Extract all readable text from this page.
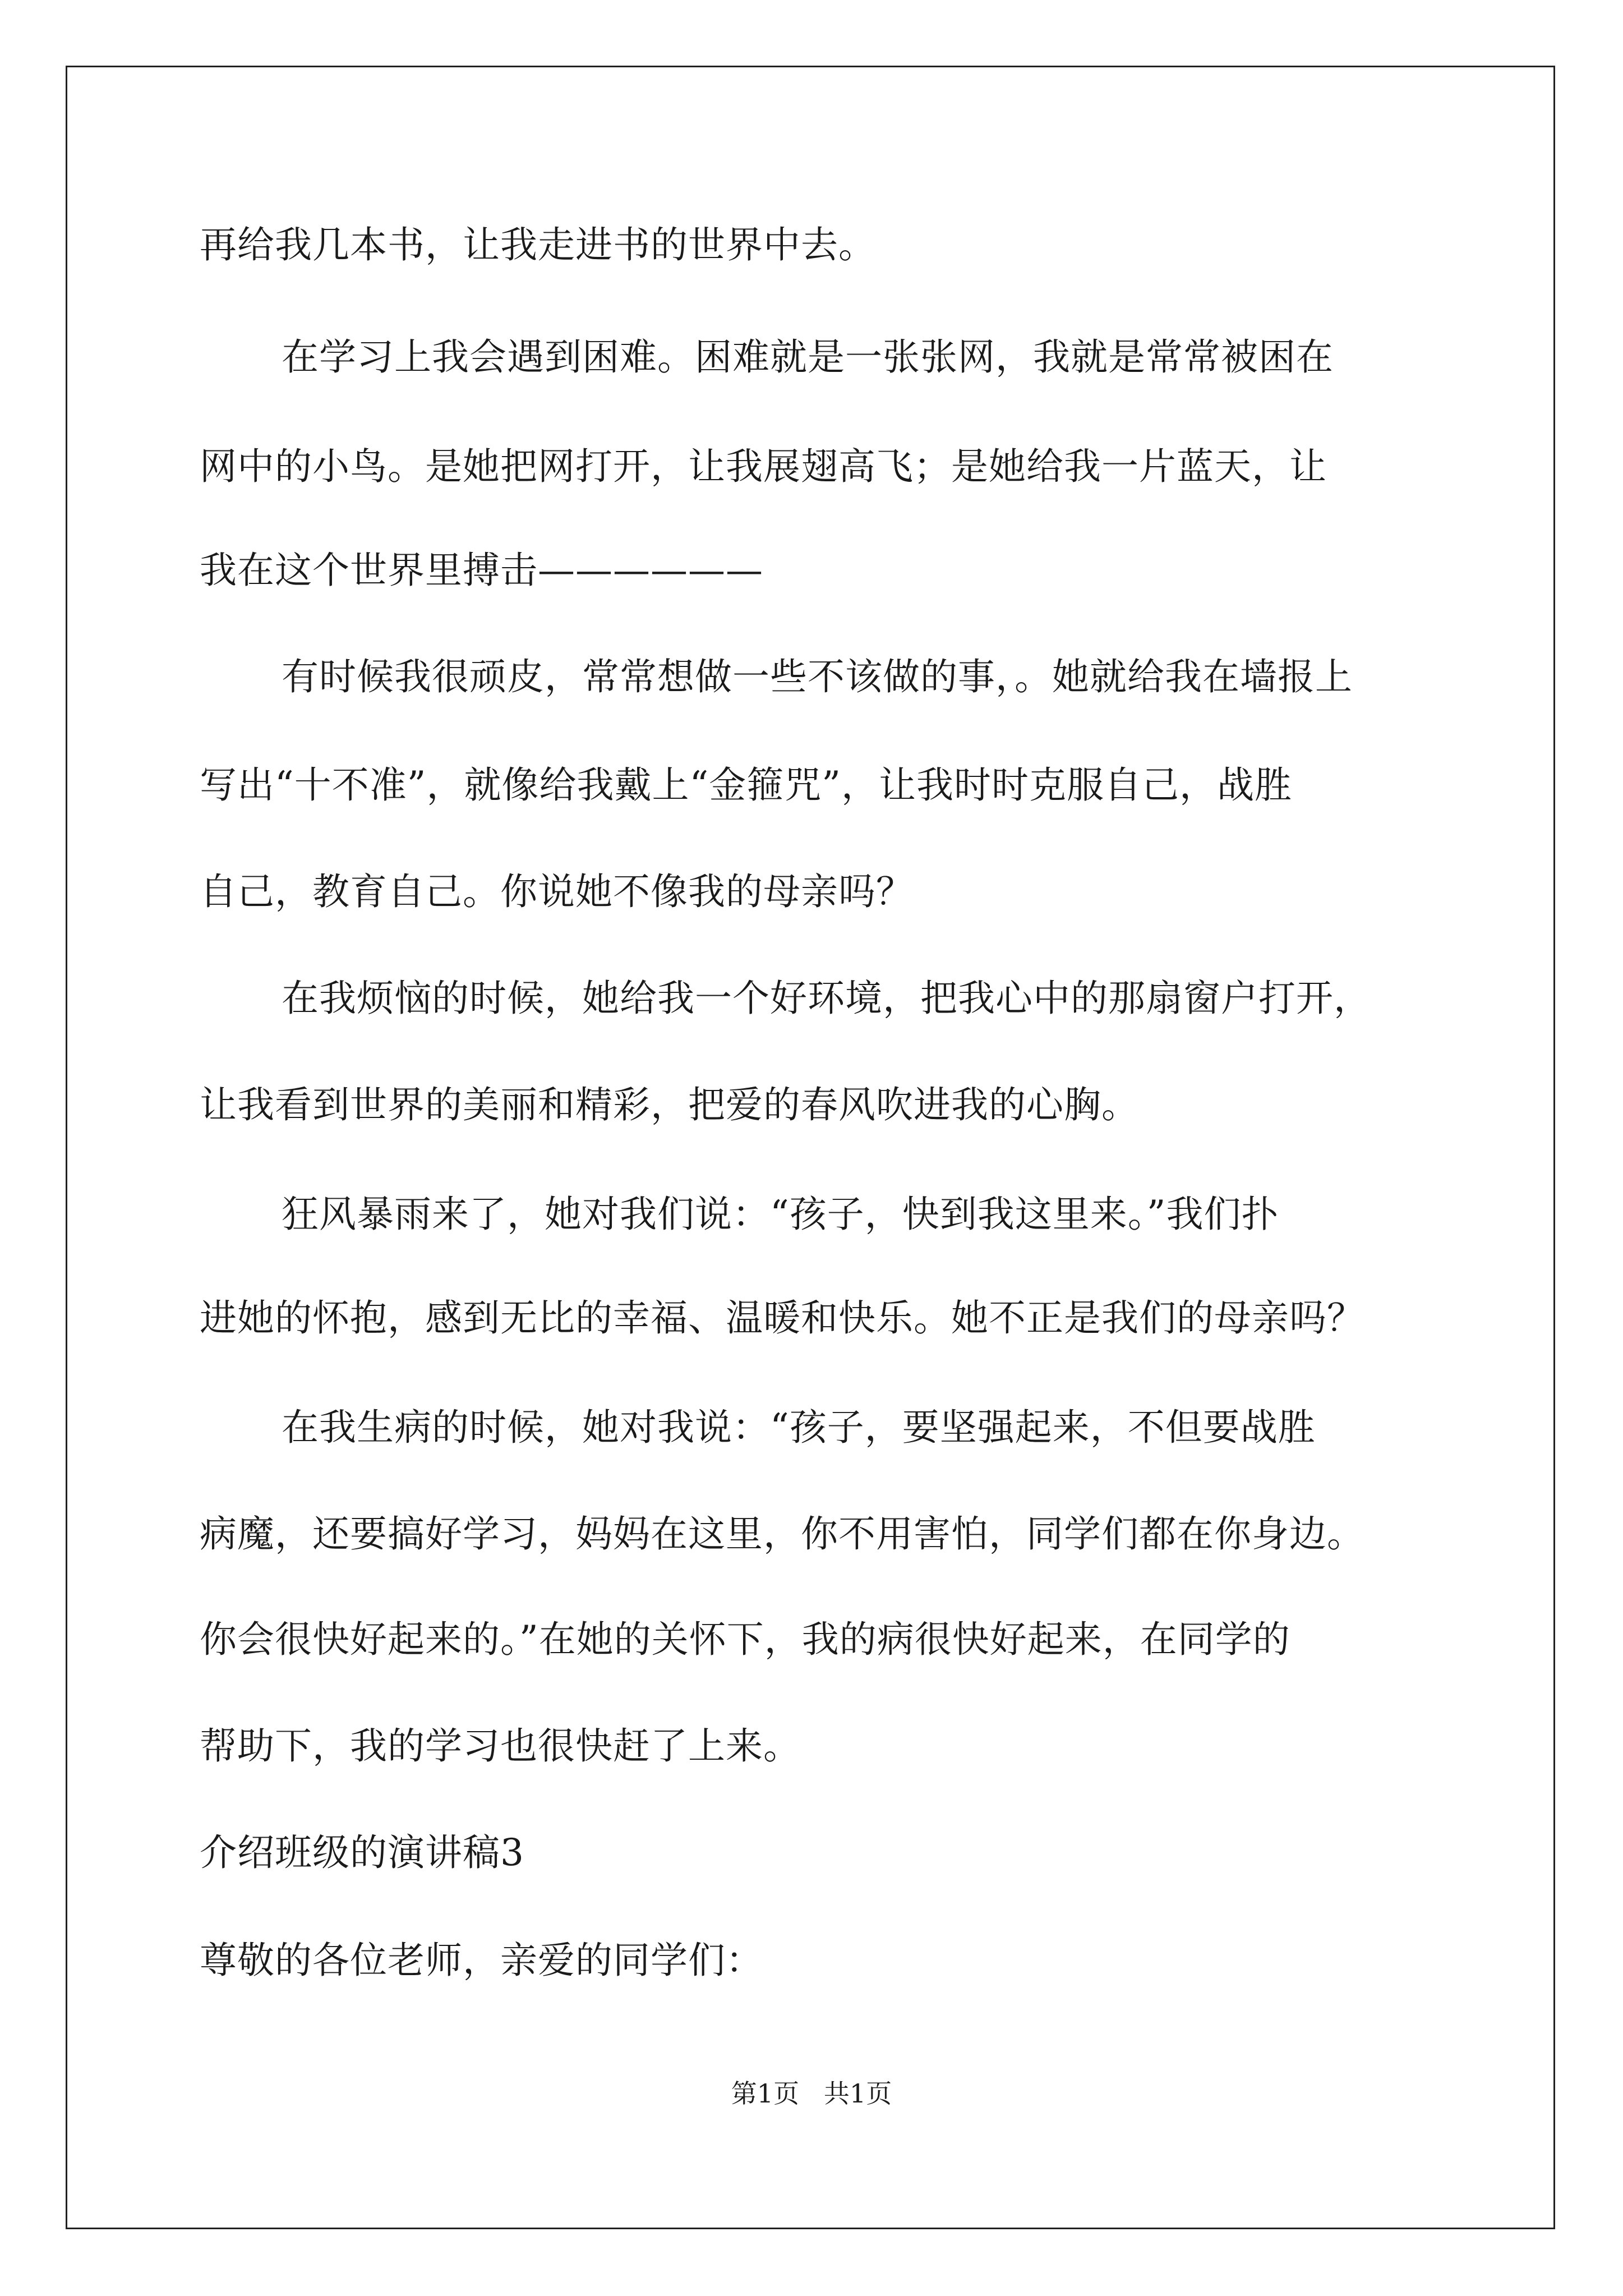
再给我几本书，让我走进书的世界中去。
在学习上我会遇到困难。困难就是一张张网，我就是常常被困在
网中的小鸟。是她把网打开，让我展翅高飞；是她给我一片蓝天，让
我在这个世界里搏击——————
有时候我很顽皮，常常想做一些不该做的事，。她就给我在墙报上
写出“十不准”，就像给我戴上“金箍咒”，让我时时克服自己，战胜
自己，教育自己。你说她不像我的母亲吗？
在我烦恼的时候，她给我一个好环境，把我心中的那扇窗户打开，
让我看到世界的美丽和精彩，把爱的春风吹进我的心胸。
狂风暴雨来了，她对我们说：“孩子，快到我这里来。”我们扑
进她的怀抱，感到无比的幸福、温暖和快乐。她不正是我们的母亲吗？
在我生病的时候，她对我说：“孩子，要坚强起来，不但要战胜
病魔，还要搞好学习，妈妈在这里，你不用害怕，同学们都在你身边。
你会很快好起来的。”在她的关怀下，我的病很快好起来，在同学的
帮助下，我的学习也很快赶了上来。
介绍班级的演讲稿3
尊敬的各位老师，亲爱的同学们：
第1页   共1页
